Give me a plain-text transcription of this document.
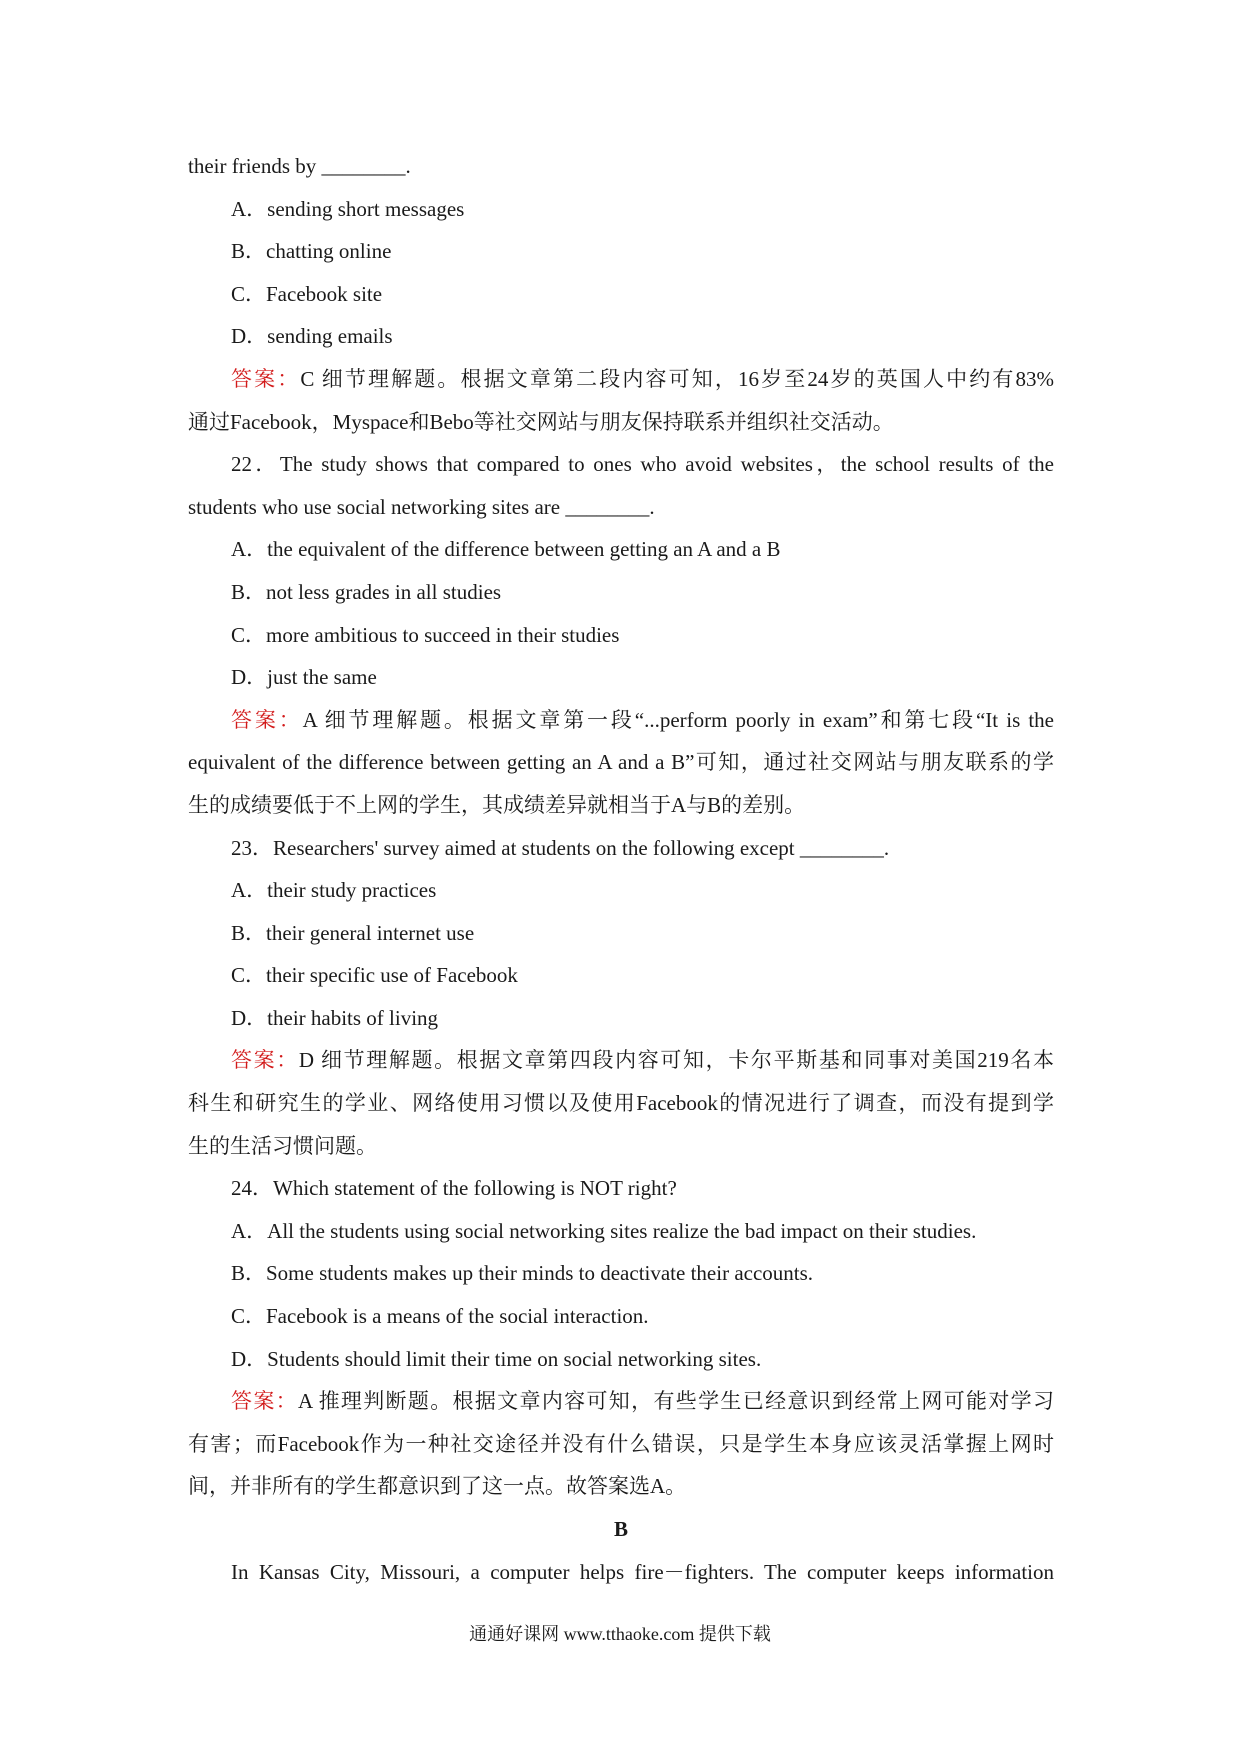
their friends by ________.
A．sending short messages
B．chatting online
C．Facebook site
D．sending emails
答案：C 细节理解题。根据文章第二段内容可知，16岁至24岁的英国人中约有83%
通过Facebook，Myspace和Bebo等社交网站与朋友保持联系并组织社交活动。
22．The study shows that compared to ones who avoid websites，the school results of the
students who use social networking sites are ________.
A．the equivalent of the difference between getting an A and a B
B．not less grades in all studies
C．more ambitious to succeed in their studies
D．just the same
答案：A 细节理解题。根据文章第一段“...perform poorly in exam”和第七段“It is the
equivalent of the difference between getting an A and a B”可知，通过社交网站与朋友联系的学
生的成绩要低于不上网的学生，其成绩差异就相当于A与B的差别。
23．Researchers' survey aimed at students on the following except ________.
A．their study practices
B．their general internet use
C．their specific use of Facebook
D．their habits of living
答案：D 细节理解题。根据文章第四段内容可知，卡尔平斯基和同事对美国219名本
科生和研究生的学业、网络使用习惯以及使用Facebook的情况进行了调查，而没有提到学
生的生活习惯问题。
24．Which statement of the following is NOT right?
A．All the students using social networking sites realize the bad impact on their studies.
B．Some students makes up their minds to deactivate their accounts.
C．Facebook is a means of the social interaction.
D．Students should limit their time on social networking sites.
答案：A 推理判断题。根据文章内容可知，有些学生已经意识到经常上网可能对学习
有害；而Facebook作为一种社交途径并没有什么错误，只是学生本身应该灵活掌握上网时
间，并非所有的学生都意识到了这一点。故答案选A。
B
In Kansas City, Missouri, a computer helps fire－fighters. The computer keeps information
通通好课网 www.tthaoke.com 提供下载
